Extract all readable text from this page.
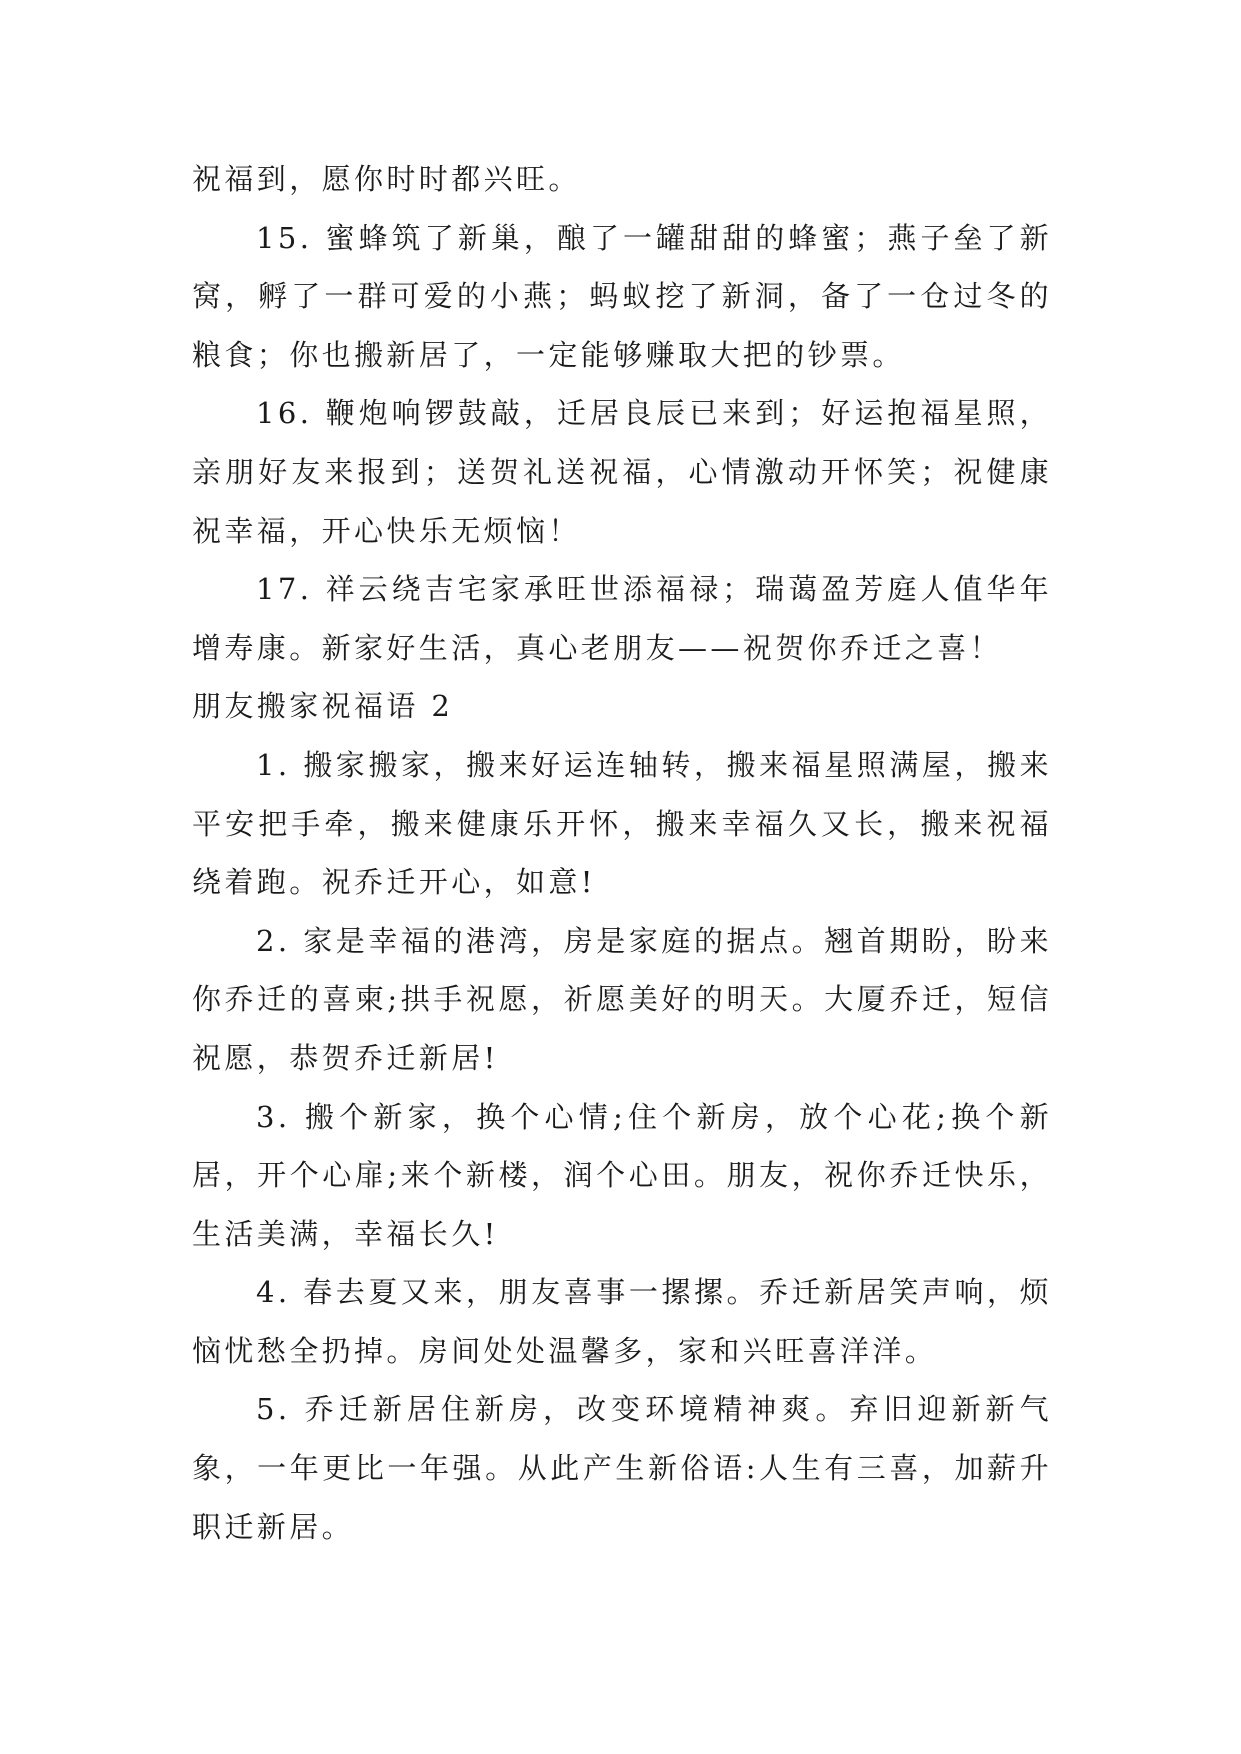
祝福到，愿你时时都兴旺。

15. 蜜蜂筑了新巢，酿了一罐甜甜的蜂蜜；燕子垒了新窝，孵了一群可爱的小燕；蚂蚁挖了新洞，备了一仓过冬的粮食；你也搬新居了，一定能够赚取大把的钞票。

16. 鞭炮响锣鼓敲，迁居良辰已来到；好运抱福星照，亲朋好友来报到；送贺礼送祝福，心情激动开怀笑；祝健康祝幸福，开心快乐无烦恼！

17. 祥云绕吉宅家承旺世添福禄；瑞蔼盈芳庭人值华年增寿康。新家好生活，真心老朋友——祝贺你乔迁之喜！

朋友搬家祝福语 2

1. 搬家搬家，搬来好运连轴转，搬来福星照满屋，搬来平安把手牵，搬来健康乐开怀，搬来幸福久又长，搬来祝福绕着跑。祝乔迁开心，如意!

2. 家是幸福的港湾，房是家庭的据点。翘首期盼，盼来你乔迁的喜柬;拱手祝愿，祈愿美好的明天。大厦乔迁，短信祝愿，恭贺乔迁新居!

3. 搬个新家，换个心情;住个新房，放个心花;换个新居，开个心扉;来个新楼，润个心田。朋友，祝你乔迁快乐，生活美满，幸福长久!

4. 春去夏又来，朋友喜事一摞摞。乔迁新居笑声响，烦恼忧愁全扔掉。房间处处温馨多，家和兴旺喜洋洋。

5. 乔迁新居住新房，改变环境精神爽。弃旧迎新新气象，一年更比一年强。从此产生新俗语:人生有三喜，加薪升职迁新居。
